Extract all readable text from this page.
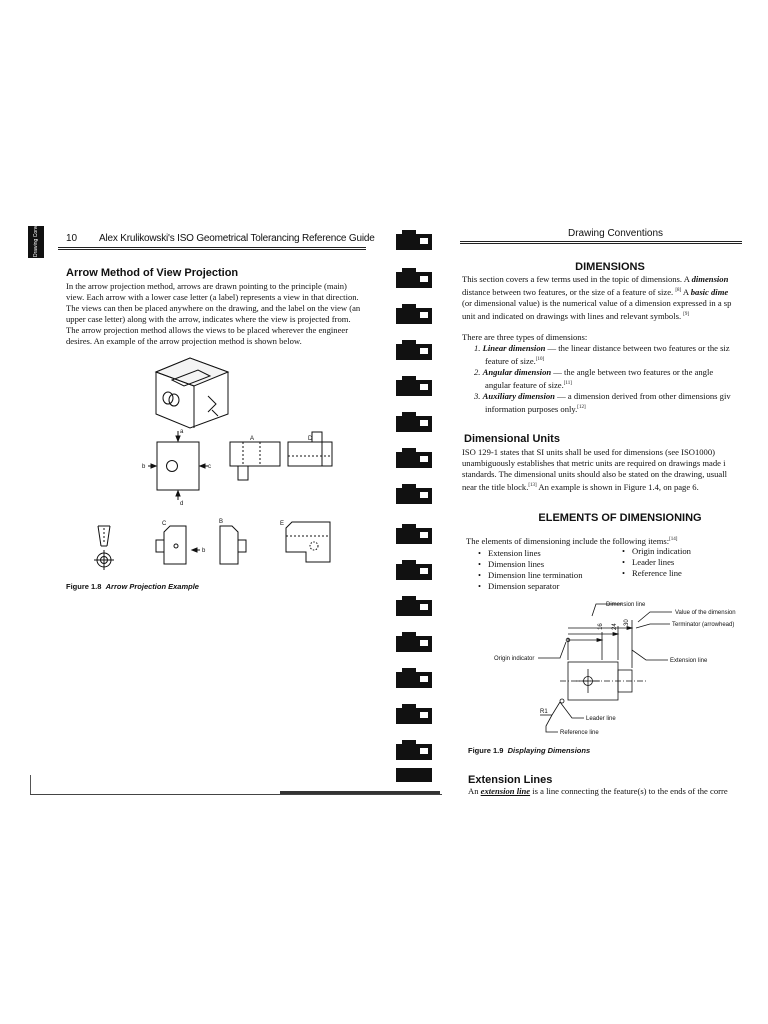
Drawing Conventions	10 Alex Krulikowski's ISO Geometrical Tolerancing Reference Guide
Arrow Method of View Projection
In the arrow projection method, arrows are drawn pointing to the principle (main)
view. Each arrow with a lower case letter (a label) represents a view in that direction.
The views can then be placed anywhere on the drawing, and the label on the view (an
upper case letter) along with the arrow, indicates where the view is projected from.
The arrow projection method allows the views to be placed wherever the engineer
desires. An example of the arrow projection method is shown below.
a
b	c
d
A	D
C	B	E
b
Figure 1.8 Arrow Projection Example
Drawing Conventions
DIMENSIONS
This section covers a few terms used in the topic of dimensions. A dimension
distance between two features, or the size of a feature of size. [8] A basic dime
(or dimensional value) is the numerical value of a dimension expressed in a sp
unit and indicated on drawings with lines and relevant symbols. [9]
There are three types of dimensions:
1. Linear dimension — the linear distance between two features or the siz
feature of size.[10]
2. Angular dimension — the angle between two features or the angle
angular feature of size.[11]
3. Auxiliary dimension — a dimension derived from other dimensions giv
information purposes only.[12]
Dimensional Units
ISO 129-1 states that SI units shall be used for dimensions (see ISO1000)
unambiguously establishes that metric units are required on drawings made i
standards. The dimensional units should also be stated on the drawing, usuall
near the title block.[13] An example is shown in Figure 1.4, on page 6.
ELEMENTS OF DIMENSIONING
The elements of dimensioning include the following items:[14]
• Extension lines
• Dimension lines
• Dimension line termination
• Dimension separator
• Origin indication
• Leader lines
• Reference line
Dimension line
Value of the dimension
Terminator (arrowhead)
Origin indicator	Extension line
R1
Leader line
Reference line
16 24
30
Figure 1.9 Displaying Dimensions
Extension Lines
An extension line is a line connecting the feature(s) to the ends of the corre
